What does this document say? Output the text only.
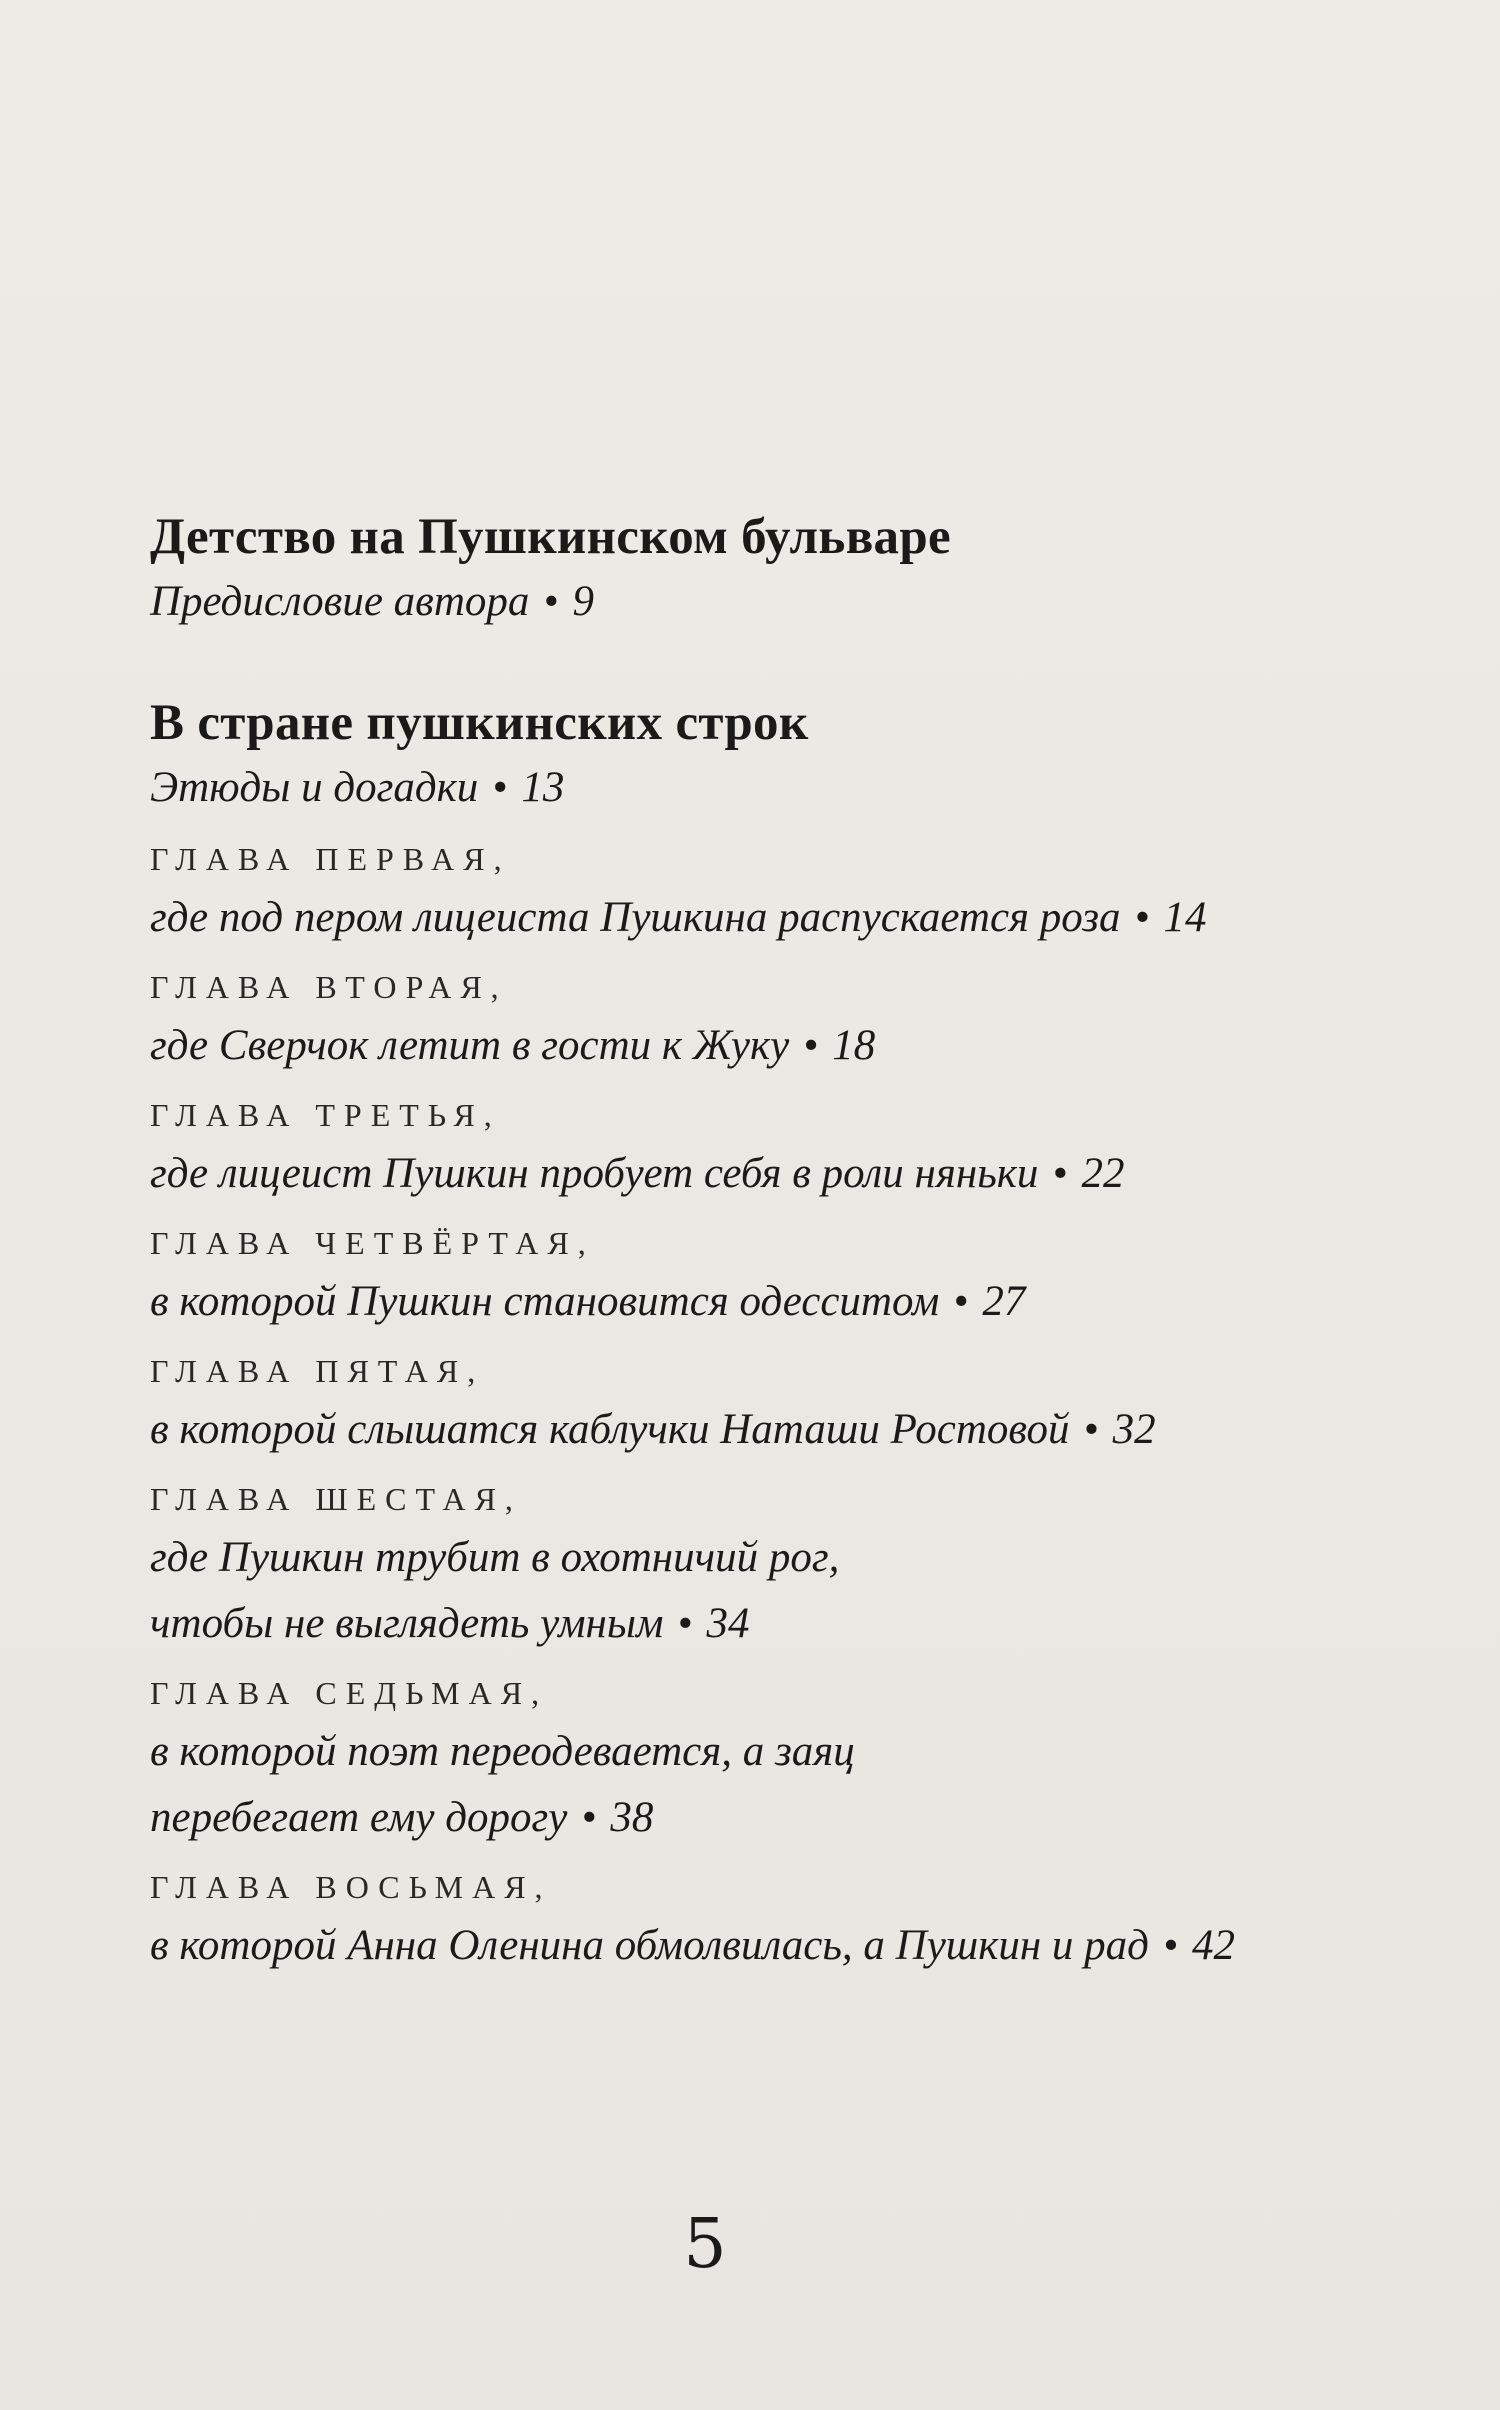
Детство на Пушкинском бульваре

Предисловие автора • 9

В стране пушкинских строк

Этюды и догадки • 13

ГЛАВА ПЕРВАЯ,

где под пером лицеиста Пушкина распускается роза • 14

ГЛАВА ВТОРАЯ,

где Сверчок летит в гости к Жуку • 18

ГЛАВА ТРЕТЬЯ,

где лицеист Пушкин пробует себя в роли няньки • 22

ГЛАВА ЧЕТВЁРТАЯ,

в которой Пушкин становится одесситом • 27

ГЛАВА ПЯТАЯ,

в которой слышатся каблучки Наташи Ростовой • 32

ГЛАВА ШЕСТАЯ,

где Пушкин трубит в охотничий рог,

чтобы не выглядеть умным • 34

ГЛАВА СЕДЬМАЯ,

в которой поэт переодевается, а заяц

перебегает ему дорогу • 38

ГЛАВА ВОСЬМАЯ,

в которой Анна Оленина обмолвилась, а Пушкин и рад • 42

5
